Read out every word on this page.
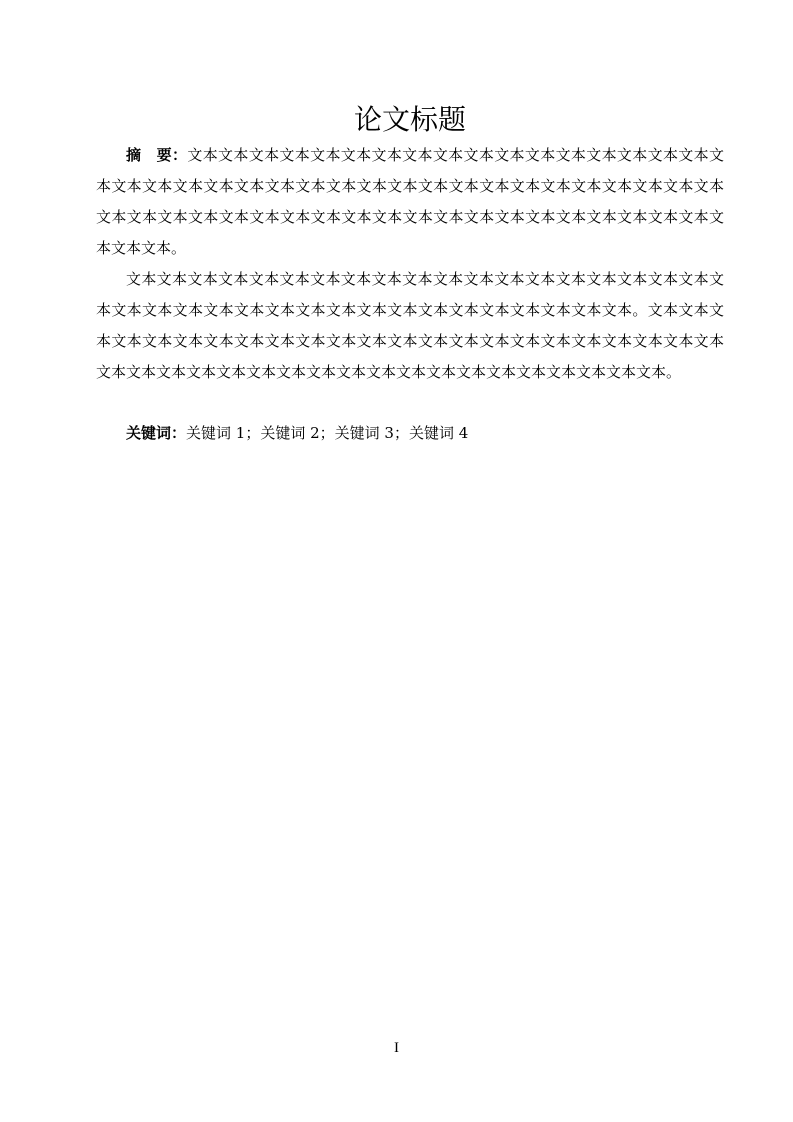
论文标题

摘　要：文本文本文本文本文本文本文本文本文本文本文本文本文本文本文本文本文本文本文本文本文本文本文本文本文本文本文本文本文本文本文本文本文本文本文本文本文本文本文本文本文本文本文本文本文本文本文本文本文本文本文本文本文本文本文本文本文本文本文本文本文本。

文本文本文本文本文本文本文本文本文本文本文本文本文本文本文本文本文本文本文本文本文本文本文本文本文本文本文本文本文本文本文本文本文本文本文本文本文本。文本文本文本文本文本文本文本文本文本文本文本文本文本文本文本文本文本文本文本文本文本文本文本文本文本文本文本文本文本文本文本文本文本文本文本文本文本文本文本文本文本文本。

关键词：关键词 1；关键词 2；关键词 3；关键词 4

I
